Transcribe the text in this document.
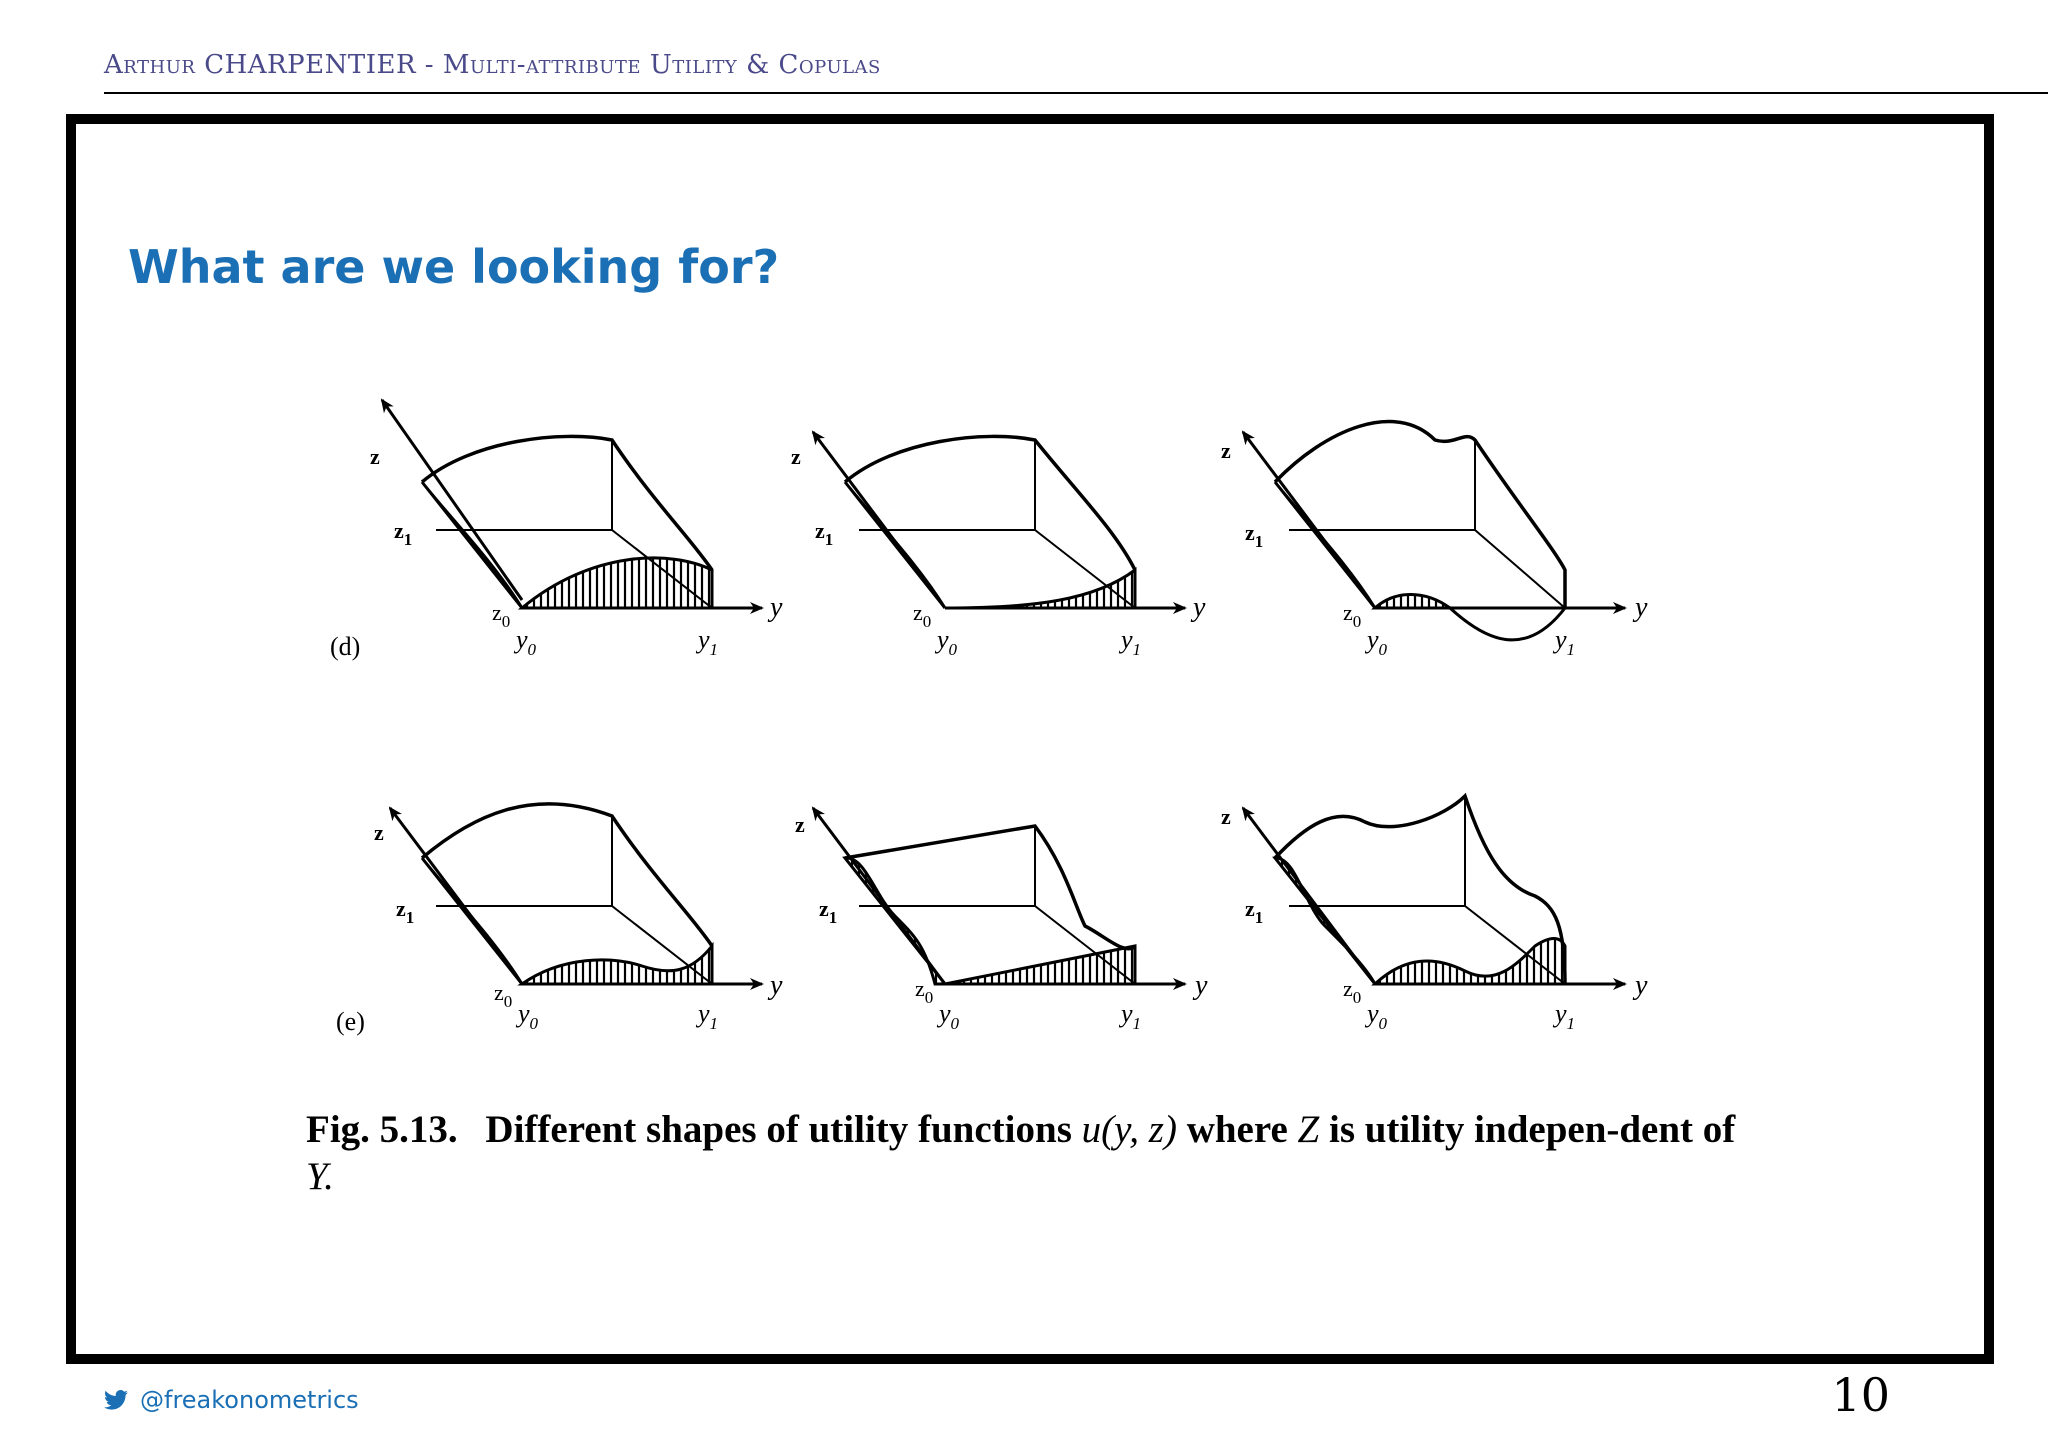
Arthur CHARPENTIER - Multi-attribute Utility & Copulas
What are we looking for?
(d)
(e)
z
$z_1$
$z_0$
$y_0$	$y_1$
y
z
$z_1$
$z_0$
$y_0$	$y_1$
y
z
$z_1$
$z_0$
$y_0$	$y_1$
y
z
$z_1$
$z_0$ $y_0$	$y_1$
y
z
$z_1$
$z_0$
$y_0$	$y_1$
y
z
$z_1$
$z_0$
$y_0$	$y_1$
y
Fig. 5.13. Different shapes of utility functions u(y, z) where Z is utility indepen-dent of Y.
@freakonometrics	10
